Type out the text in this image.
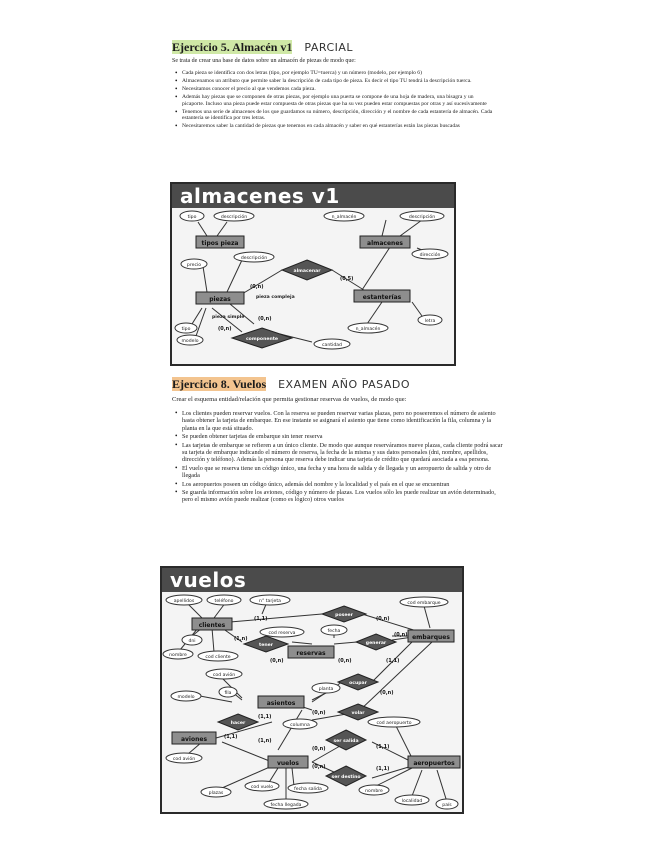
Ejercicio 5. Almacén v1 PARCIAL
Se trata de crear una base de datos sobre un almacén de piezas de modo que:
• Cada pieza se identifica con dos letras (tipo, por ejemplo TU=tuerca) y un número (modelo, por ejemplo 6)
• Almacenamos un atributo que permite saber la descripción de cada tipo de pieza. Es decir el tipo TU tendrá la descripción tuerca.
• Necesitamos conocer el precio al que vendemos cada pieza.
• Además hay piezas que se componen de otras piezas, por ejemplo una puerta se compone de una hoja de madera, una bisagra y un picaporte. Incluso una pieza puede estar compuesta de otras piezas que ha su vez pueden estar compuestas por otras y así sucesivamente
• Tenemos una serie de almacenes de los que guardamos su número, descripción, dirección y el nombre de cada estantería de almacén. Cada estantería se identifica por tres letras.
• Necesitaremos saber la cantidad de piezas que tenemos en cada almacén y saber en qué estanterías están las piezas buscadas
almacenes v1
tipos pieza
piezas
almacenes
estanterías
almacenar
componente
tipo	descripción
precio
descripción
tipo
modelo
n_almacén	descripción
dirección
letra
n_almacén
cantidad
pieza compleja
pieza simple
(0,n)
(0,5)
(0,n)
(0,n)
Ejercicio 8. Vuelos EXAMEN AÑO PASADO
Crear el esquema entidad/relación que permita gestionar reservas de vuelos, de modo que:
• Los clientes pueden reservar vuelos. Con la reserva se pueden reservar varias plazas, pero no poseeremos el número de asiento hasta obtener la tarjeta de embarque. En ese instante se asignará el asiento que tiene como identificación la fila, columna y la planta en la que está situado.
• Se pueden obtener tarjetas de embarque sin tener reserva
• Las tarjetas de embarque se refieren a un único cliente. De modo que aunque reserváramos nueve plazas, cada cliente podrá sacar su tarjeta de embarque indicando el número de reserva, la fecha de la misma y sus datos personales (dni, nombre, apellidos, dirección y teléfono). Además la persona que reserva debe indicar una tarjeta de crédito que quedará asociada a esa persona.
• El vuelo que se reserva tiene un código único, una fecha y una hora de salida y de llegada y un aeropuerto de salida y otro de llegada
• Los aeropuertos poseen un código único, además del nombre y la localidad y el país en el que se encuentran
• Se guarda información sobre los aviones, código y número de plazas. Los vuelos sólo les puede realizar un avión determinado, pero el mismo avión puede realizar (como es lógico) otros vuelos
vuelos
clientes
embarques
reservas
asientos
aviones
vuelos	aeropuertos
poseer
generar
tener
ocupar
volar
hacer
ser salida
ser destino
apellidos	teléfono	n° tarjeta	cod embarque
dni
nombre	cod cliente
cod reserva	fecha
cod avión
planta
modelo
fila
columna	cod aeropuerto
cod avión
plazas
cod vuelo	fecha salida
fecha llegada
nombre
localidad
país
(1,1)	(0,n)
(0,n)
(1,n)
(0,n)	(0,n)	(1,1)
(0,n)
(0,n)
(1,1)
(1,1)
(1,n)
(0,n)	(1,1)
(0,n)	(1,1)
